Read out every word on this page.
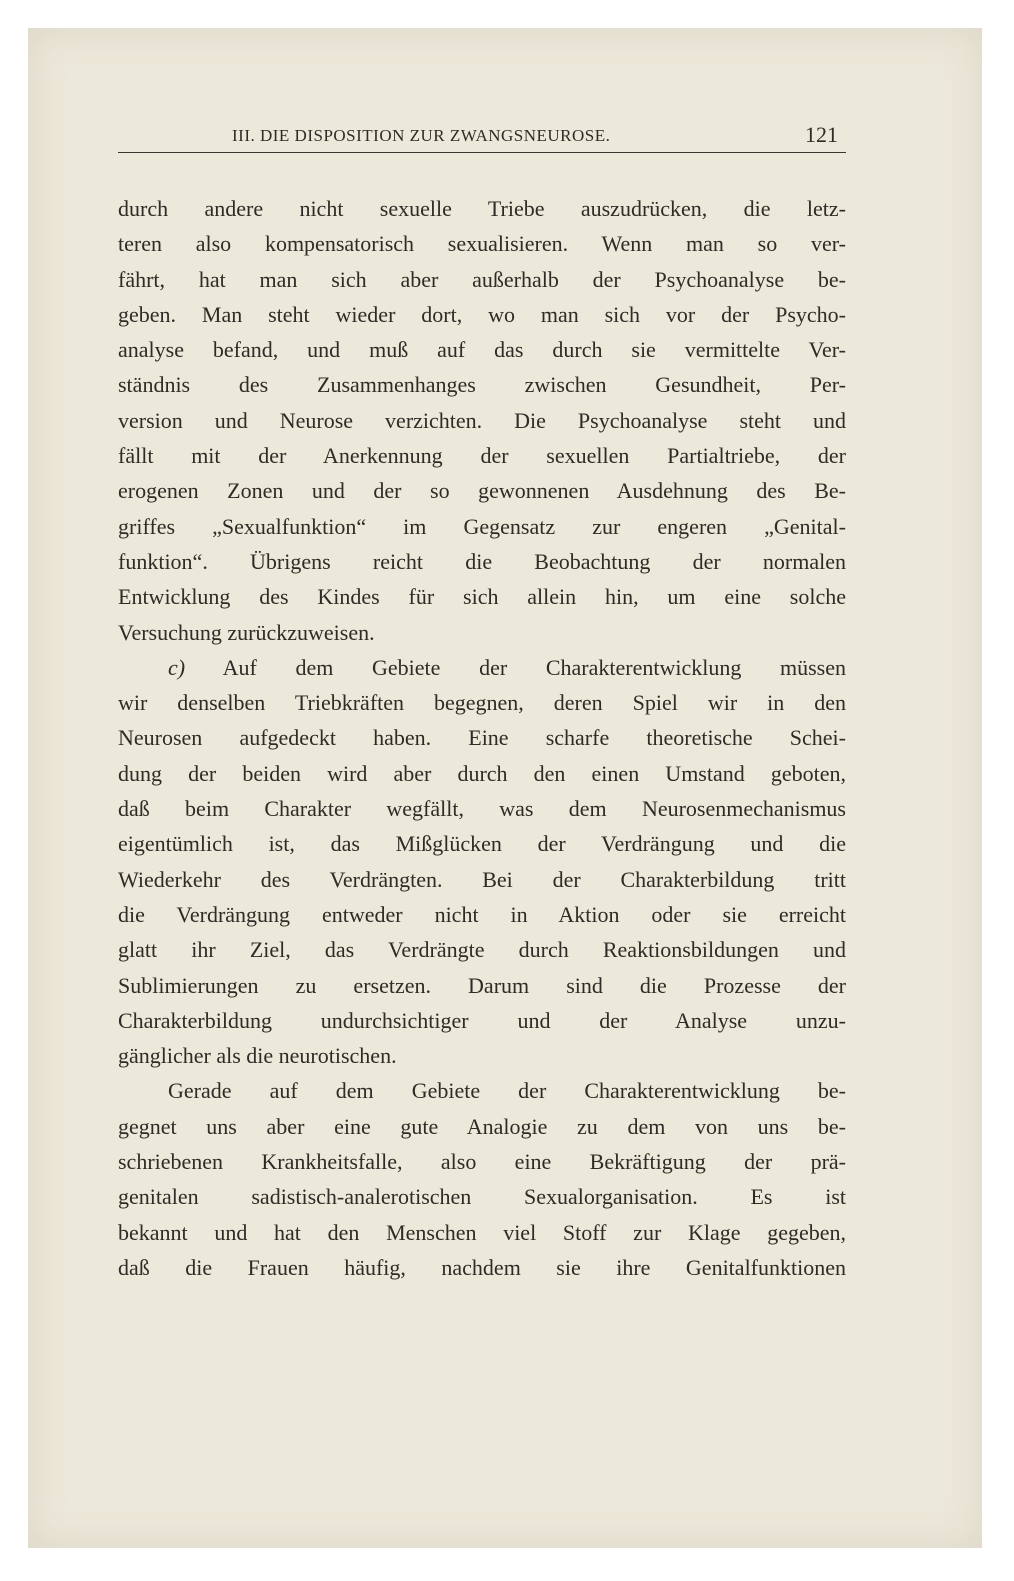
III. DIE DISPOSITION ZUR ZWANGSNEUROSE.	121
durch andere nicht sexuelle Triebe auszudrücken, die letz-
teren also kompensatorisch sexualisieren. Wenn man so ver-
fährt, hat man sich aber außerhalb der Psychoanalyse be-
geben. Man steht wieder dort, wo man sich vor der Psycho-
analyse befand, und muß auf das durch sie vermittelte Ver-
ständnis des Zusammenhanges zwischen Gesundheit, Per-
version und Neurose verzichten. Die Psychoanalyse steht und
fällt mit der Anerkennung der sexuellen Partialtriebe, der
erogenen Zonen und der so gewonnenen Ausdehnung des Be-
griffes „Sexualfunktion“ im Gegensatz zur engeren „Genital-
funktion“. Übrigens reicht die Beobachtung der normalen
Entwicklung des Kindes für sich allein hin, um eine solche
Versuchung zurückzuweisen.
c) Auf dem Gebiete der Charakterentwicklung müssen
wir denselben Triebkräften begegnen, deren Spiel wir in den
Neurosen aufgedeckt haben. Eine scharfe theoretische Schei-
dung der beiden wird aber durch den einen Umstand geboten,
daß beim Charakter wegfällt, was dem Neurosenmechanismus
eigentümlich ist, das Mißglücken der Verdrängung und die
Wiederkehr des Verdrängten. Bei der Charakterbildung tritt
die Verdrängung entweder nicht in Aktion oder sie erreicht
glatt ihr Ziel, das Verdrängte durch Reaktionsbildungen und
Sublimierungen zu ersetzen. Darum sind die Prozesse der
Charakterbildung undurchsichtiger und der Analyse unzu-
gänglicher als die neurotischen.
Gerade auf dem Gebiete der Charakterentwicklung be-
gegnet uns aber eine gute Analogie zu dem von uns be-
schriebenen Krankheitsfalle, also eine Bekräftigung der prä-
genitalen sadistisch-analerotischen Sexualorganisation. Es ist
bekannt und hat den Menschen viel Stoff zur Klage gegeben,
daß die Frauen häufig, nachdem sie ihre Genitalfunktionen
